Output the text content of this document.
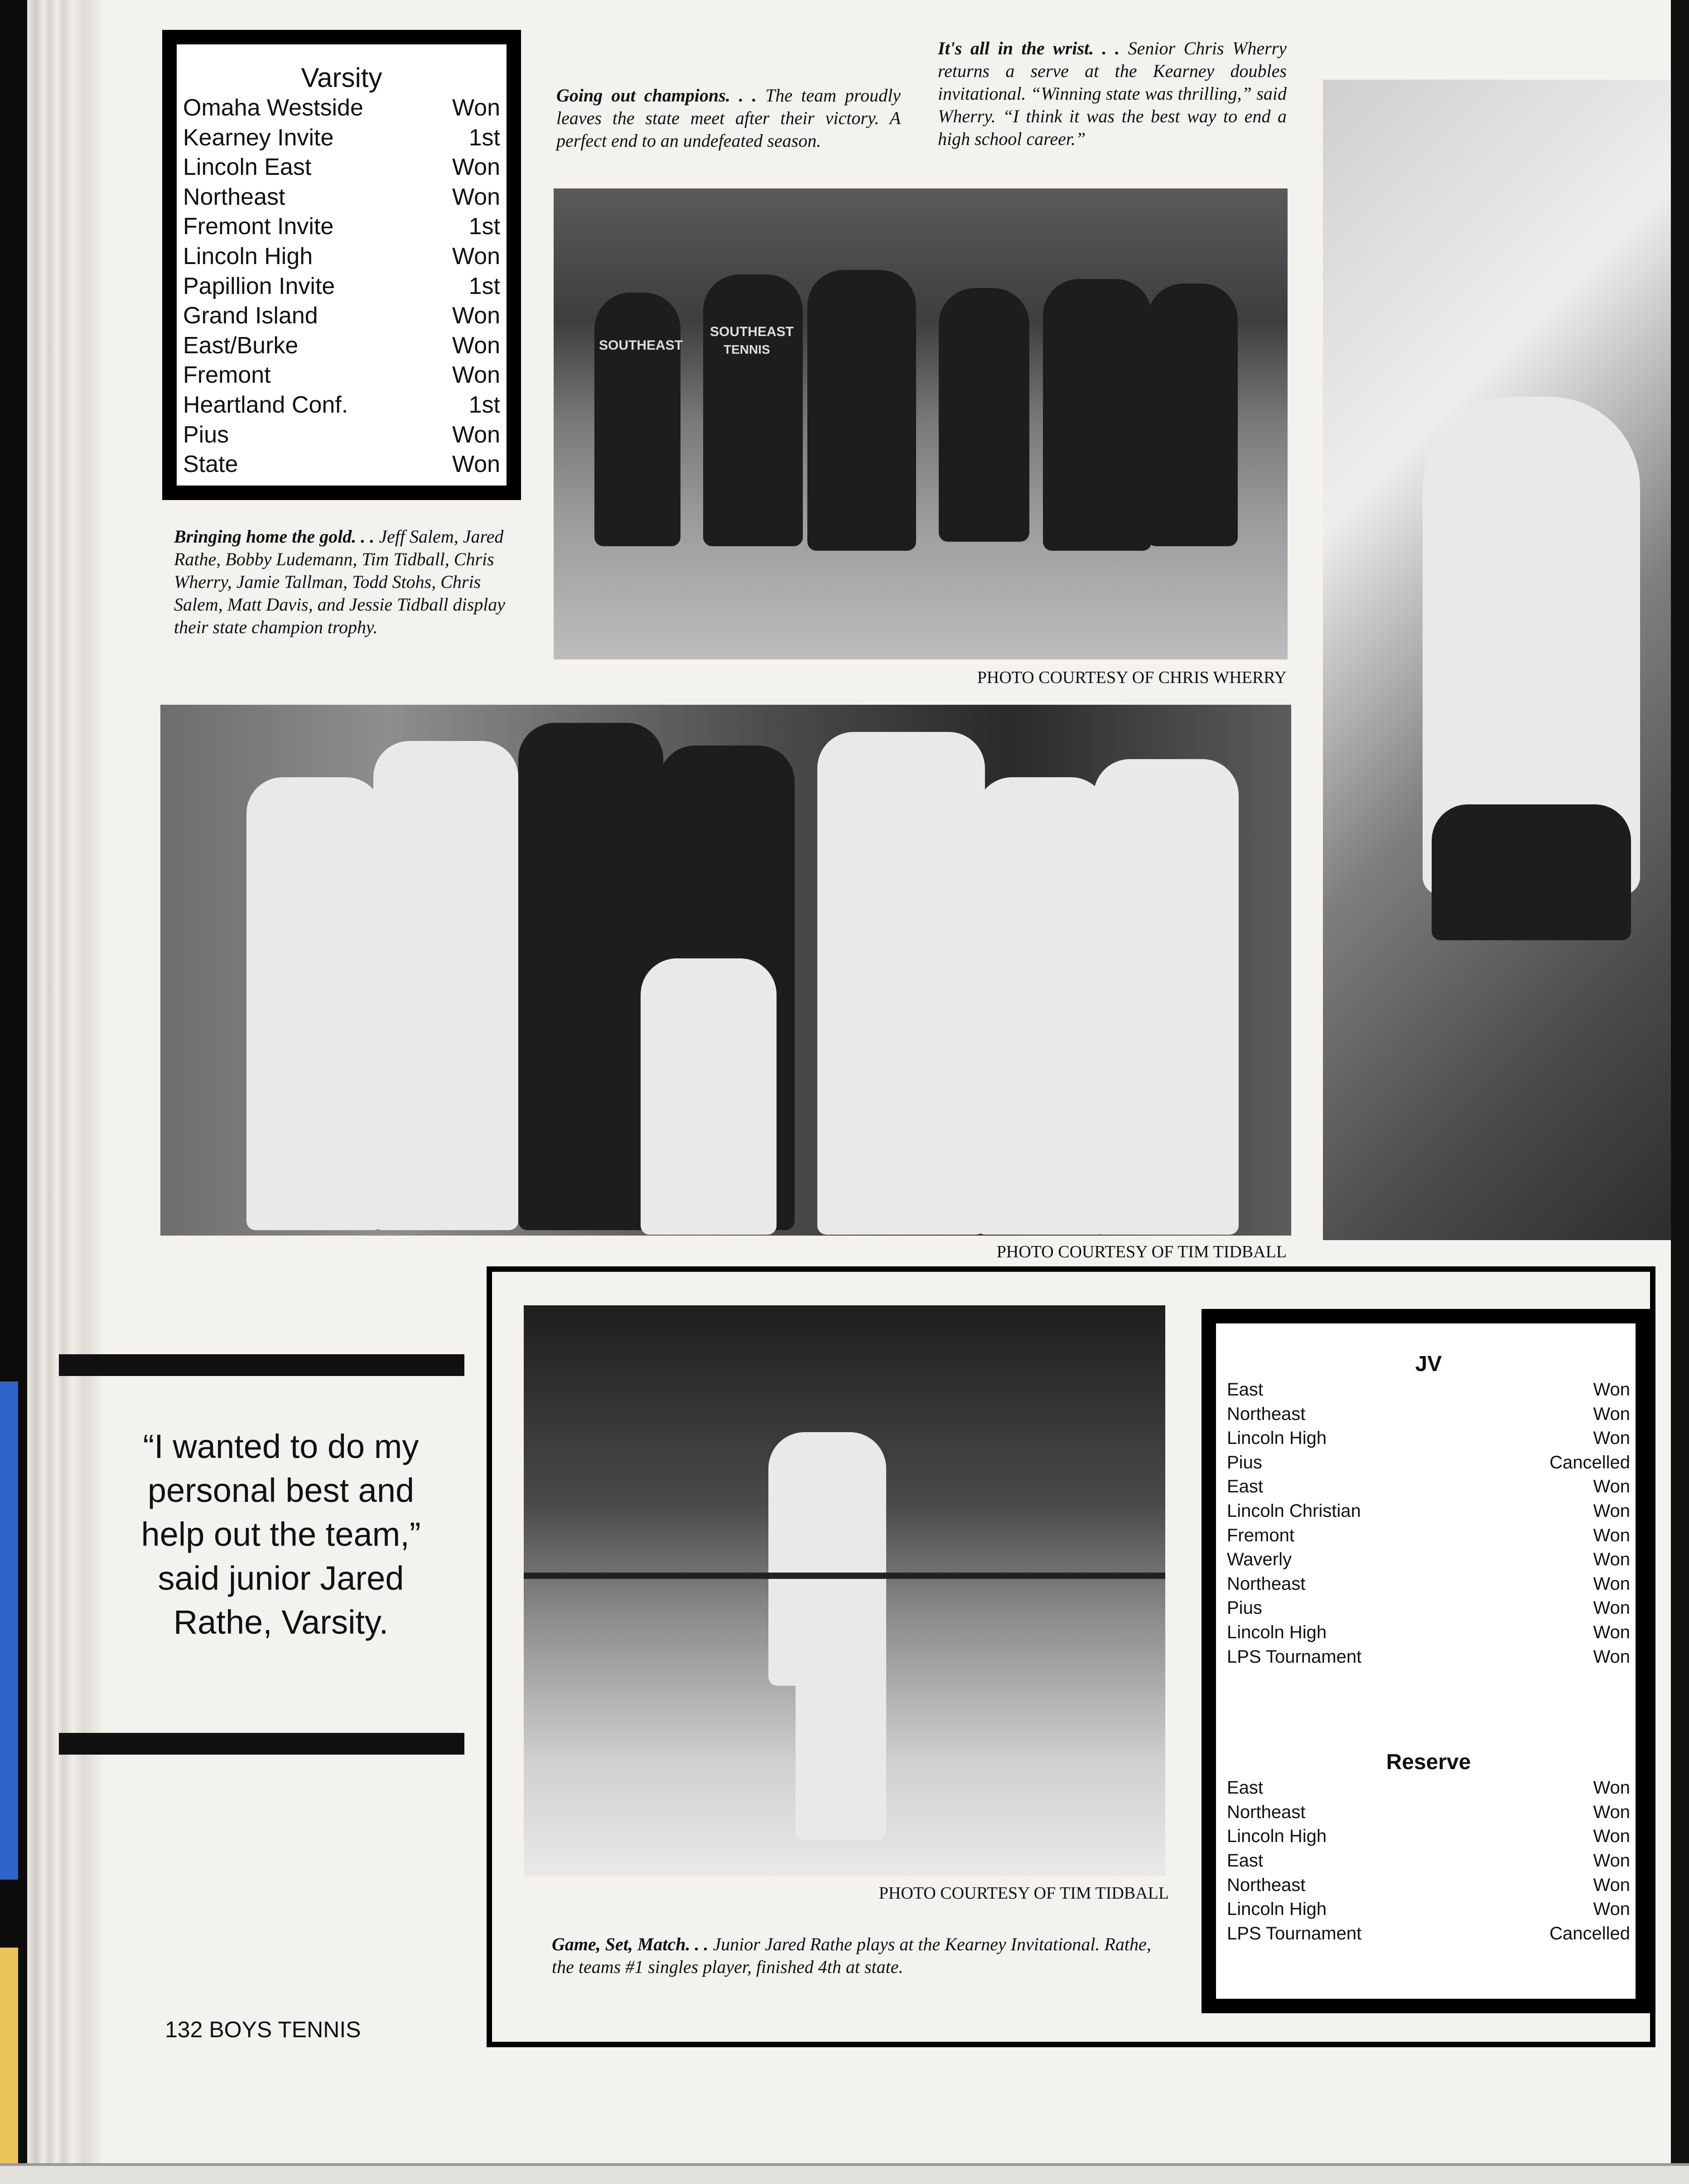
Varsity
Omaha Westside	Won
Kearney Invite	1st
Lincoln East	Won
Northeast	Won
Fremont Invite	1st
Lincoln High	Won
Papillion Invite	1st
Grand Island	Won
East/Burke	Won
Fremont	Won
Heartland Conf.	1st
Pius	Won
State	Won
Going out champions. . . The team proudly leaves the state meet after their victory. A perfect end to an undefeated season.
It's all in the wrist. . . Senior Chris Wherry returns a serve at the Kearney doubles invitational. “Winning state was thrilling,” said Wherry. “I think it was the best way to end a high school career.”
SOUTHEAST
SOUTHEAST
TENNIS
PHOTO COURTESY OF CHRIS WHERRY
Bringing home the gold. . . Jeff Salem, Jared Rathe, Bobby Ludemann, Tim Tidball, Chris Wherry, Jamie Tallman, Todd Stohs, Chris Salem, Matt Davis, and Jessie Tidball display their state champion trophy.
PHOTO COURTESY OF TIM TIDBALL
“I wanted to do my personal best and help out the team,” said junior Jared Rathe, Varsity.
PHOTO COURTESY OF TIM TIDBALL
Game, Set, Match. . . Junior Jared Rathe plays at the Kearney Invitational. Rathe, the teams #1 singles player, finished 4th at state.
JV
East	Won
Northeast	Won
Lincoln High	Won
Pius	Cancelled
East	Won
Lincoln Christian	Won
Fremont	Won
Waverly	Won
Northeast	Won
Pius	Won
Lincoln High	Won
LPS Tournament	Won
Reserve
East	Won
Northeast	Won
Lincoln High	Won
East	Won
Northeast	Won
Lincoln High	Won
LPS Tournament	Cancelled
132 BOYS TENNIS
